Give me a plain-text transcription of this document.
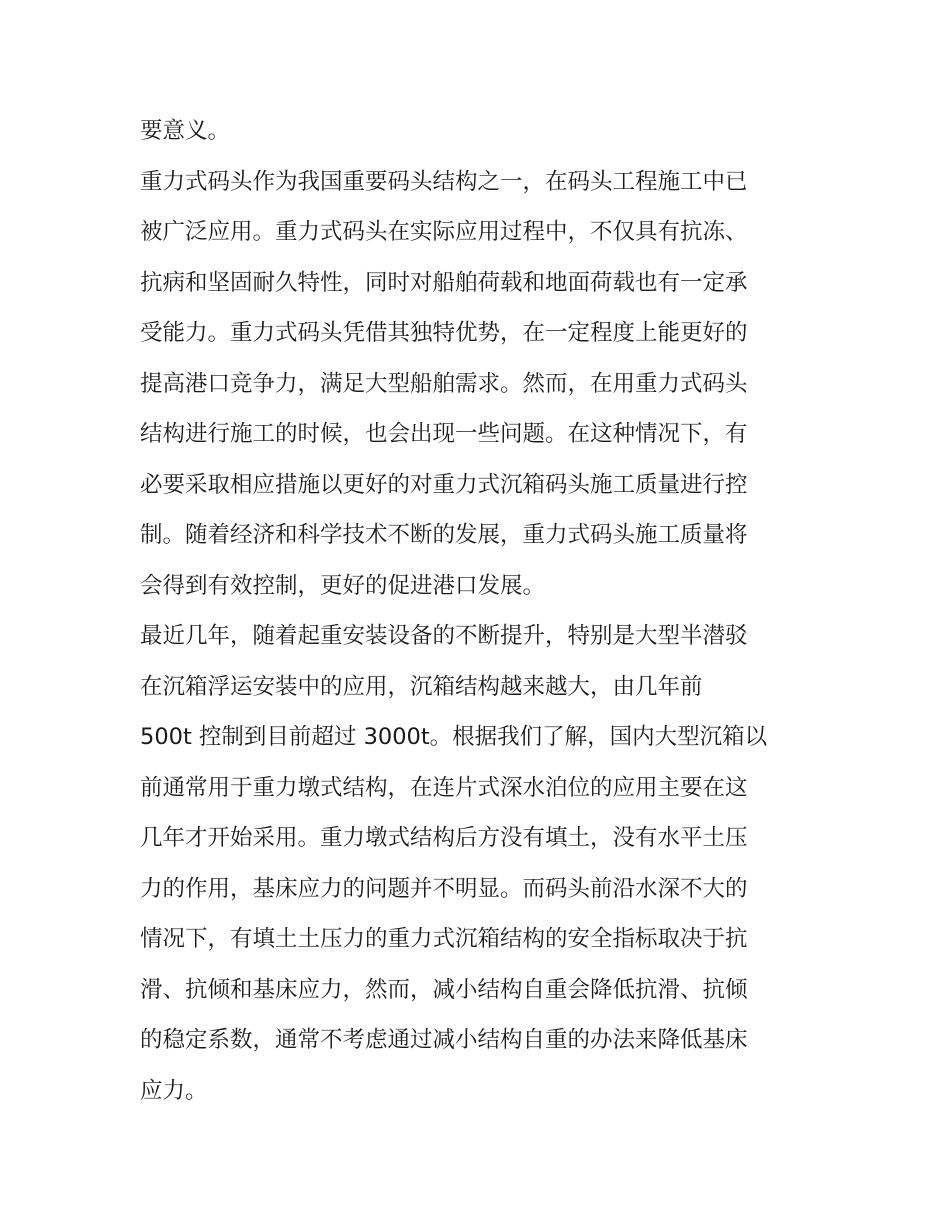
要意义。
重力式码头作为我国重要码头结构之一，在码头工程施工中已
被广泛应用。重力式码头在实际应用过程中，不仅具有抗冻、
抗病和坚固耐久特性，同时对船舶荷载和地面荷载也有一定承
受能力。重力式码头凭借其独特优势，在一定程度上能更好的
提高港口竞争力，满足大型船舶需求。然而，在用重力式码头
结构进行施工的时候，也会出现一些问题。在这种情况下，有
必要采取相应措施以更好的对重力式沉箱码头施工质量进行控
制。随着经济和科学技术不断的发展，重力式码头施工质量将
会得到有效控制，更好的促进港口发展。
最近几年，随着起重安装设备的不断提升，特别是大型半潜驳
在沉箱浮运安装中的应用，沉箱结构越来越大，由几年前
500t 控制到目前超过 3000t。根据我们了解，国内大型沉箱以
前通常用于重力墩式结构，在连片式深水泊位的应用主要在这
几年才开始采用。重力墩式结构后方没有填土，没有水平土压
力的作用，基床应力的问题并不明显。而码头前沿水深不大的
情况下，有填土土压力的重力式沉箱结构的安全指标取决于抗
滑、抗倾和基床应力，然而，减小结构自重会降低抗滑、抗倾
的稳定系数，通常不考虑通过减小结构自重的办法来降低基床
应力。
